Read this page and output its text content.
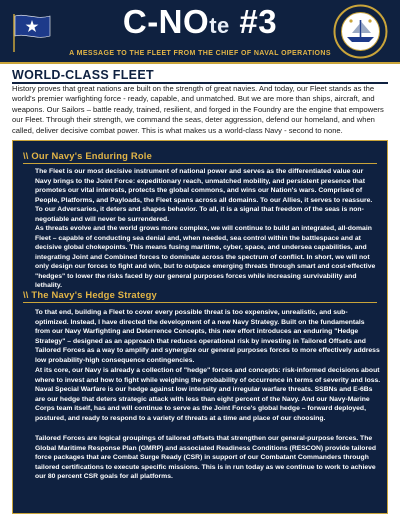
C-NOte #3
A MESSAGE TO THE FLEET FROM THE CHIEF OF NAVAL OPERATIONS
WORLD-CLASS FLEET

History proves that great nations are built on the strength of great navies. And today, our Fleet stands as the world's premier warfighting force - ready, capable, and unmatched. But we are more than ships, aircraft, and weapons. Our Sailors – battle ready, trained, resilient, and forged in the Foundry are the engine that empowers our Fleet. Through their strength, we command the seas, deter aggression, defend our homeland, and when called, deliver decisive combat power. This is what makes us a world-class Navy - second to none.

\\ Our Navy's Enduring Role

The Fleet is our most decisive instrument of national power and serves as the differentiated value our Navy brings to the Joint Force: expeditionary reach, unmatched mobility, and persistent presence that promotes our vital interests, protects the global commons, and wins our Nation's wars. Comprised of People, Platforms, and Payloads, the Fleet spans across all domains. To our Allies, it serves to reassure. To our Adversaries, it deters and shapes behavior. To all, it is a signal that freedom of the seas is non-negotiable and will never be surrendered.

As threats evolve and the world grows more complex, we will continue to build an integrated, all-domain Fleet – capable of conducting sea denial and, when needed, sea control within the battlespace and at decisive global chokepoints. This means fusing maritime, cyber, space, and undersea capabilities, and integrating Joint and Combined forces to dominate across the spectrum of conflict. In short, we will not only design our forces to fight and win, but to outpace emerging threats through smart and cost-effective "hedges" to lower the risks faced by our general purposes forces while increasing survivability and lethality.

\\ The Navy's Hedge Strategy

To that end, building a Fleet to cover every possible threat is too expensive, unrealistic, and sub-optimized. Instead, I have directed the development of a new Navy Strategy. Built on the fundamentals from our Navy Warfighting and Deterrence Concepts, this new effort introduces an enduring "Hedge Strategy" – designed as an approach that reduces operational risk by investing in Tailored Offsets and Tailored Forces as a way to amplify and synergize our general purposes forces to more effectively address low probability-high consequence contingencies.

At its core, our Navy is already a collection of "hedge" forces and concepts: risk-informed decisions about where to invest and how to fight while weighing the probability of occurrence in terms of severity and loss. Naval Special Warfare is our hedge against low intensity and irregular warfare threats. SSBNs and E-6Bs are our hedge that deters strategic attack with less than eight percent of the Navy. And our Navy-Marine Corps team itself, has and will continue to serve as the Joint Force's global hedge – forward deployed, postured, and ready to respond to a variety of threats at a time and place of our choosing.

Tailored Forces are logical groupings of tailored offsets that strengthen our general-purpose forces. The Global Maritime Response Plan (GMRP) and associated Readiness Conditions (RESCON) provide tailored force packages that are Combat Surge Ready (CSR) in support of our Combatant Commanders through tailored certifications to execute specific missions. This is in run today as we continue to work to achieve our 80 percent CSR goals for all platforms.
